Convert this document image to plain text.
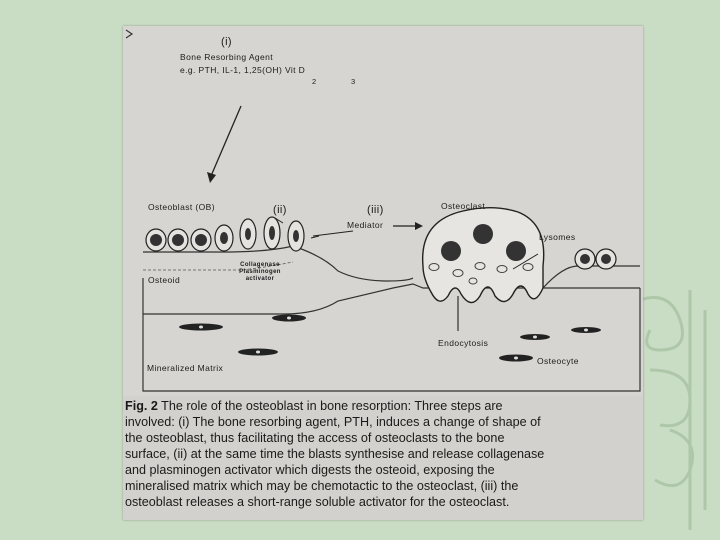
(i)
Bone Resorbing Agent
e.g. PTH, IL-1, 1,25(OH) Vit D
2	3
Osteoblast (OB)	(ii)	(iii)
Mediator
Osteoclast
Lysomes
Collagenase
Plasminogen
activator
Osteoid
Endocytosis
Osteocyte
Mineralized Matrix
Fig. 2 The role of the osteoblast in bone resorption: Three steps are
involved: (i) The bone resorbing agent, PTH, induces a change of shape of
the osteoblast, thus facilitating the access of osteoclasts to the bone
surface, (ii) at the same time the blasts synthesise and release collagenase
and plasminogen activator which digests the osteoid, exposing the
mineralised matrix which may be chemotactic to the osteoclast, (iii) the
osteoblast releases a short-range soluble activator for the osteoclast.
